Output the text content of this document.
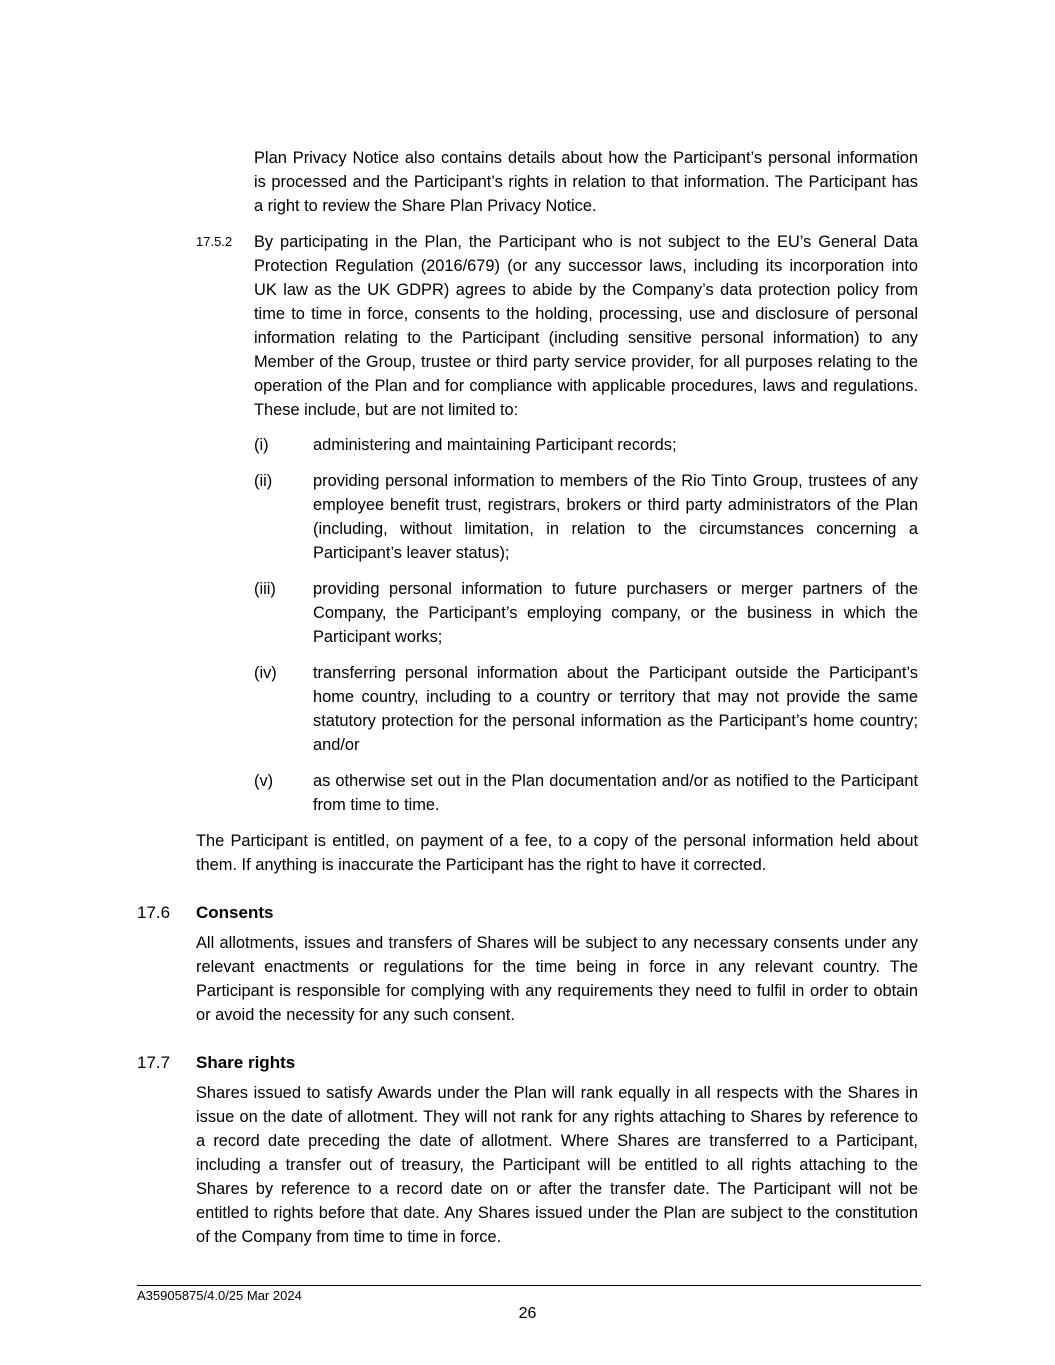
Plan Privacy Notice also contains details about how the Participant’s personal information is processed and the Participant’s rights in relation to that information. The Participant has a right to review the Share Plan Privacy Notice.

17.5.2 By participating in the Plan, the Participant who is not subject to the EU’s General Data Protection Regulation (2016/679) (or any successor laws, including its incorporation into UK law as the UK GDPR) agrees to abide by the Company’s data protection policy from time to time in force, consents to the holding, processing, use and disclosure of personal information relating to the Participant (including sensitive personal information) to any Member of the Group, trustee or third party service provider, for all purposes relating to the operation of the Plan and for compliance with applicable procedures, laws and regulations. These include, but are not limited to:

(i)	administering and maintaining Participant records;

(ii) providing personal information to members of the Rio Tinto Group, trustees of any employee benefit trust, registrars, brokers or third party administrators of the Plan (including, without limitation, in relation to the circumstances concerning a Participant’s leaver status);

(iii) providing personal information to future purchasers or merger partners of the Company, the Participant’s employing company, or the business in which the Participant works;

(iv) transferring personal information about the Participant outside the Participant’s home country, including to a country or territory that may not provide the same statutory protection for the personal information as the Participant’s home country; and/or

(v) as otherwise set out in the Plan documentation and/or as notified to the Participant from time to time.

The Participant is entitled, on payment of a fee, to a copy of the personal information held about them. If anything is inaccurate the Participant has the right to have it corrected.

17.6 Consents

All allotments, issues and transfers of Shares will be subject to any necessary consents under any relevant enactments or regulations for the time being in force in any relevant country. The Participant is responsible for complying with any requirements they need to fulfil in order to obtain or avoid the necessity for any such consent.

17.7 Share rights

Shares issued to satisfy Awards under the Plan will rank equally in all respects with the Shares in issue on the date of allotment. They will not rank for any rights attaching to Shares by reference to a record date preceding the date of allotment. Where Shares are transferred to a Participant, including a transfer out of treasury, the Participant will be entitled to all rights attaching to the Shares by reference to a record date on or after the transfer date. The Participant will not be entitled to rights before that date. Any Shares issued under the Plan are subject to the constitution of the Company from time to time in force.

A35905875/4.0/25 Mar 2024
26
